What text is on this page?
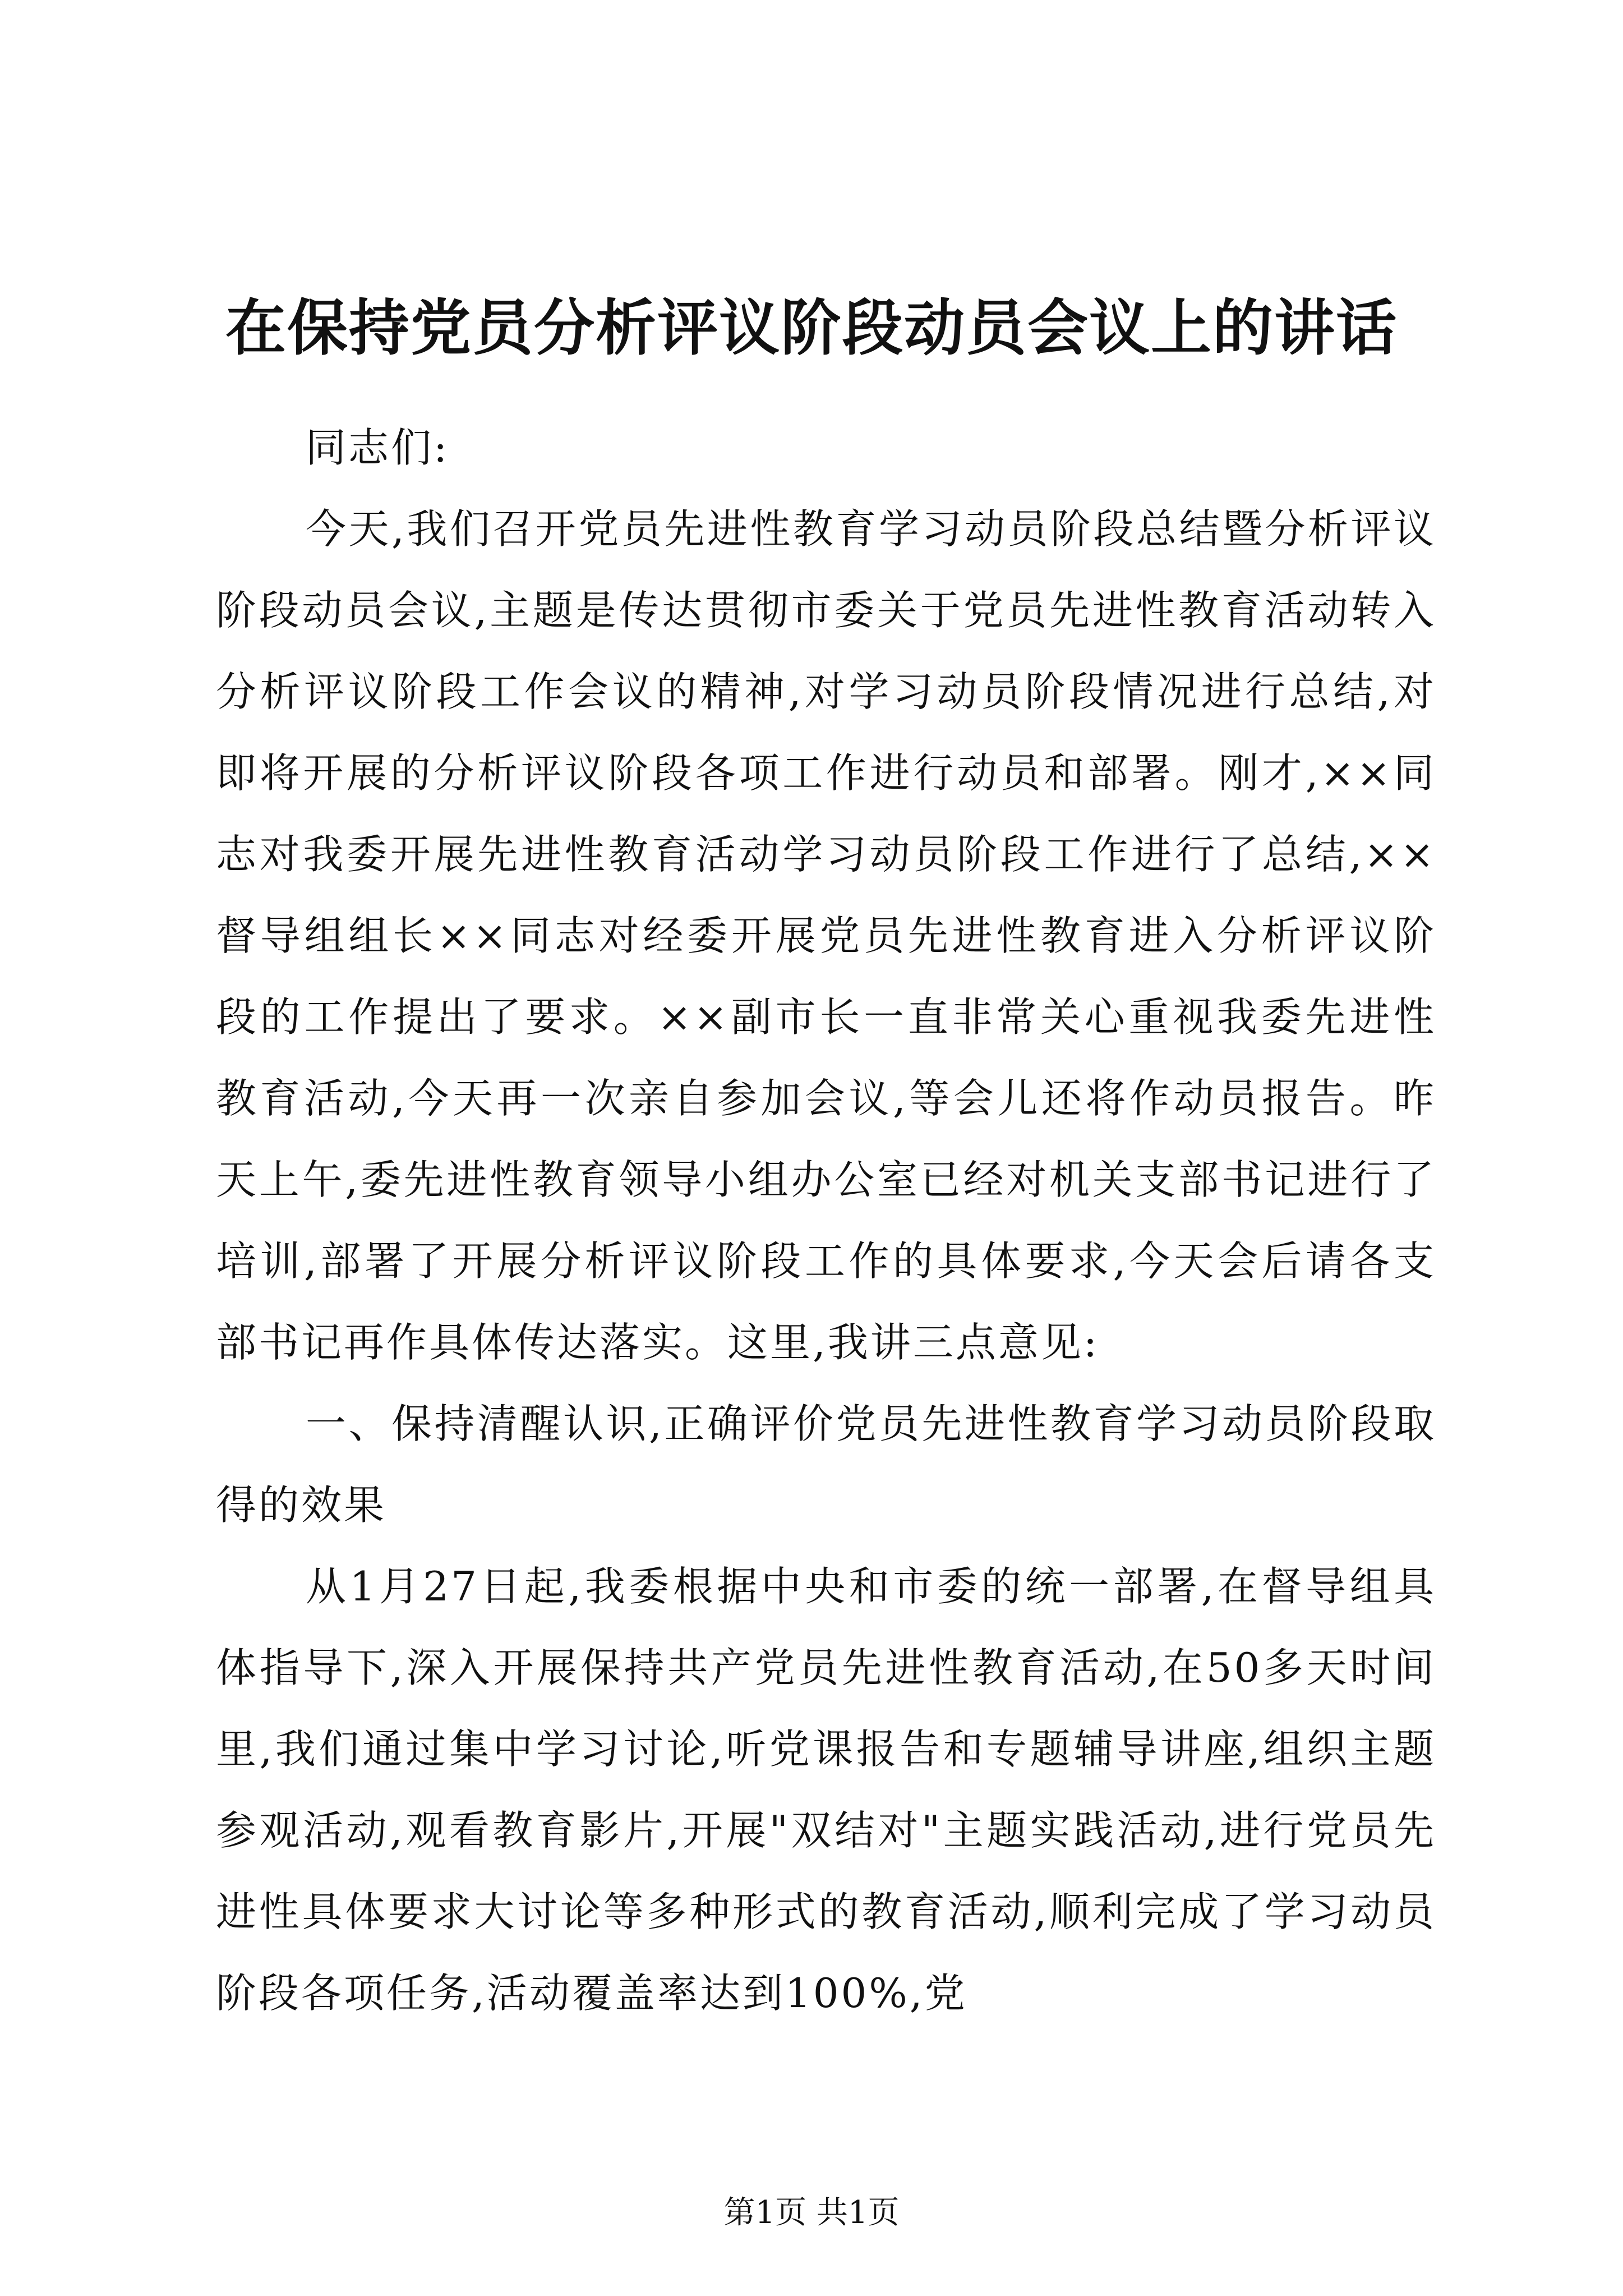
在保持党员分析评议阶段动员会议上的讲话

同志们:

今天,我们召开党员先进性教育学习动员阶段总结暨分析评议阶段动员会议,主题是传达贯彻市委关于党员先进性教育活动转入分析评议阶段工作会议的精神,对学习动员阶段情况进行总结,对即将开展的分析评议阶段各项工作进行动员和部署。刚才,××同志对我委开展先进性教育活动学习动员阶段工作进行了总结,××督导组组长××同志对经委开展党员先进性教育进入分析评议阶段的工作提出了要求。××副市长一直非常关心重视我委先进性教育活动,今天再一次亲自参加会议,等会儿还将作动员报告。昨天上午,委先进性教育领导小组办公室已经对机关支部书记进行了培训,部署了开展分析评议阶段工作的具体要求,今天会后请各支部书记再作具体传达落实。这里,我讲三点意见:

一、保持清醒认识,正确评价党员先进性教育学习动员阶段取得的效果

从1月27日起,我委根据中央和市委的统一部署,在督导组具体指导下,深入开展保持共产党员先进性教育活动,在50多天时间里,我们通过集中学习讨论,听党课报告和专题辅导讲座,组织主题参观活动,观看教育影片,开展"双结对"主题实践活动,进行党员先进性具体要求大讨论等多种形式的教育活动,顺利完成了学习动员阶段各项任务,活动覆盖率达到100%,党

第1页 共1页
